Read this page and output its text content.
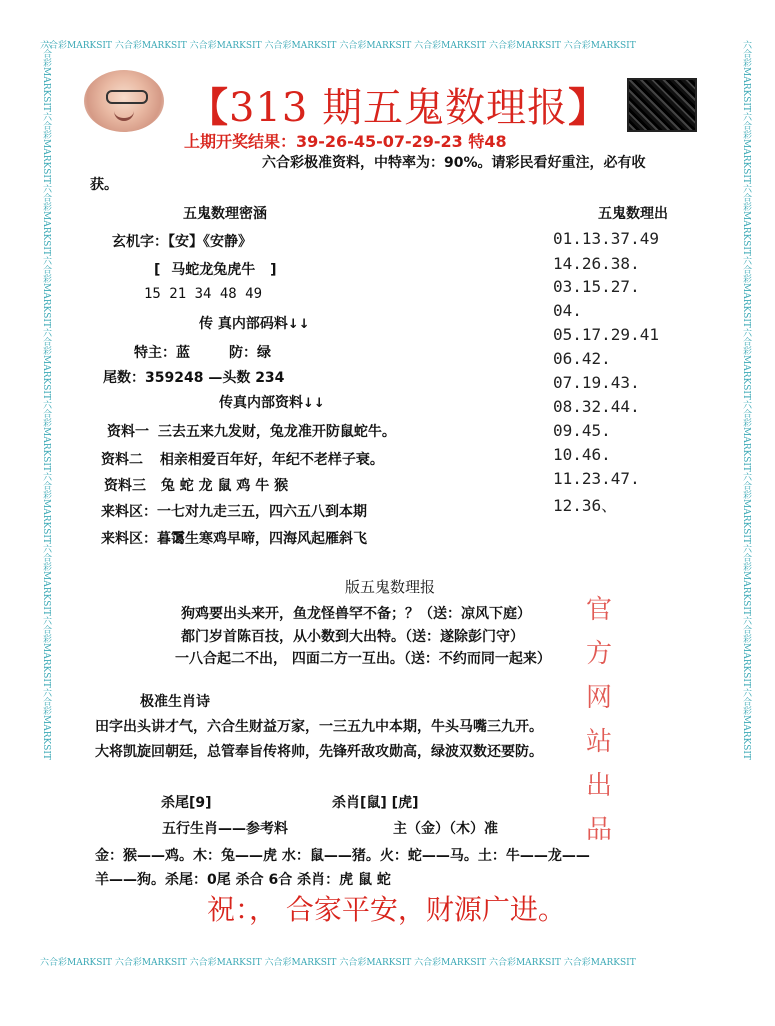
六合彩MARKSIT 六合彩MARKSIT 六合彩MARKSIT 六合彩MARKSIT 六合彩MARKSIT 六合彩MARKSIT 六合彩MARKSIT 六合彩MARKSIT
六合彩MARKSIT 六合彩MARKSIT 六合彩MARKSIT 六合彩MARKSIT 六合彩MARKSIT 六合彩MARKSIT 六合彩MARKSIT 六合彩MARKSIT
六合彩MARKSIT
六合彩MARKSIT
六合彩MARKSIT
六合彩MARKSIT
六合彩MARKSIT
六合彩MARKSIT
六合彩MARKSIT
六合彩MARKSIT
六合彩MARKSIT
六合彩MARKSIT
六合彩MARKSIT
六合彩MARKSIT
六合彩MARKSIT
六合彩MARKSIT
六合彩MARKSIT
六合彩MARKSIT
六合彩MARKSIT
六合彩MARKSIT
六合彩MARKSIT
六合彩MARKSIT
【313 期五鬼数理报】
上期开奖结果：39-26-45-07-29-23 特48
六合彩极准资料，中特率为：90%。请彩民看好重注，必有收
获。
五鬼数理密涵
玄机字：【安】《安静》
[ 马蛇龙兔虎牛 ]
15 21 34 48 49
传 真内部码料↓↓
特主：蓝	防：绿
尾数：359248 —头数 234
传真内部资料↓↓
资料一 三去五来九发财，兔龙准开防鼠蛇牛。
资料二 相亲相爱百年好，年纪不老样子衰。
资料三 兔 蛇 龙 鼠 鸡 牛 猴
来料区：一七对九走三五，四六五八到本期
来料区：暮霭生寒鸡早啼，四海风起雁斜飞
五鬼数理出
01.13.37.49
14.26.38.
03.15.27.
04.
05.17.29.41
06.42.
07.19.43.
08.32.44.
09.45.
10.46.
11.23.47.
12.36、
版五鬼数理报
狗鸡要出头来开，鱼龙怪兽罕不备；？（送：凉风下庭）
都门岁首陈百技，从小数到大出特。（送：遂除彭门守）
一八合起二不出， 四面二方一互出。（送：不约而同一起来）
官
方
网
站
出
品
极准生肖诗
田字出头讲才气，六合生财益万家，一三五九中本期，牛头马嘴三九开。
大将凯旋回朝廷，总管奉旨传将帅，先锋歼敌攻勋高，绿波双数还要防。
杀尾[9]	杀肖[鼠] [虎]
五行生肖——参考料	主（金）（木）准
金：猴——鸡。木：兔——虎 水：鼠——猪。火：蛇——马。土：牛——龙——
羊——狗。杀尾：0尾 杀合 6合 杀肖：虎 鼠 蛇
祝：， 合家平安，财源广进。
